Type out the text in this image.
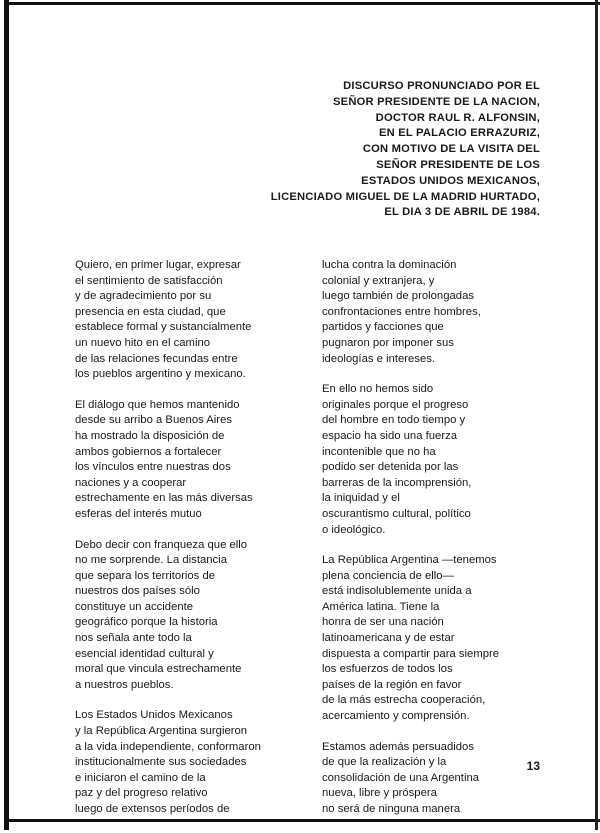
DISCURSO PRONUNCIADO POR EL
SEÑOR PRESIDENTE DE LA NACION,
DOCTOR RAUL R. ALFONSIN,
EN EL PALACIO ERRAZURIZ,
CON MOTIVO DE LA VISITA DEL
SEÑOR PRESIDENTE DE LOS
ESTADOS UNIDOS MEXICANOS,
LICENCIADO MIGUEL DE LA MADRID HURTADO,
EL DIA 3 DE ABRIL DE 1984.
Quiero, en primer lugar, expresar
el sentimiento de satisfacción
y de agradecimiento por su
presencia en esta ciudad, que
establece formal y sustancialmente
un nuevo hito en el camino
de las relaciones fecundas entre
los pueblos argentino y mexicano.
El diálogo que hemos mantenido
desde su arribo a Buenos Aires
ha mostrado la disposición de
ambos gobiernos a fortalecer
los vínculos entre nuestras dos
naciones y a cooperar
estrechamente en las más diversas
esferas del interés mutuo
Debo decir con franqueza que ello
no me sorprende. La distancia
que separa los territorios de
nuestros dos países sólo
constituye un accidente
geográfico porque la historia
nos señala ante todo la
esencial identidad cultural y
moral que vincula estrechamente
a nuestros pueblos.
Los Estados Unidos Mexicanos
y la República Argentina surgieron
a la vida independiente, conformaron
institucionalmente sus sociedades
e iniciaron el camino de la
paz y del progreso relativo
luego de extensos períodos de
lucha contra la dominación
colonial y extranjera, y
luego también de prolongadas
confrontaciones entre hombres,
partidos y facciones que
pugnaron por imponer sus
ideologías e intereses.
En ello no hemos sido
originales porque el progreso
del hombre en todo tiempo y
espacio ha sido una fuerza
incontenible que no ha
podido ser detenida por las
barreras de la incomprensión,
la iniquidad y el
oscurantismo cultural, político
o ideológico.
La República Argentina —tenemos
plena conciencia de ello—
está indisolublemente unida a
América latina. Tiene la
honra de ser una nación
latinoamericana y de estar
dispuesta a compartir para siempre
los esfuerzos de todos los
países de la región en favor
de la más estrecha cooperación,
acercamiento y comprensión.
Estamos además persuadidos
de que la realización y la
consolidación de una Argentina
nueva, libre y próspera
no será de ninguna manera
13
